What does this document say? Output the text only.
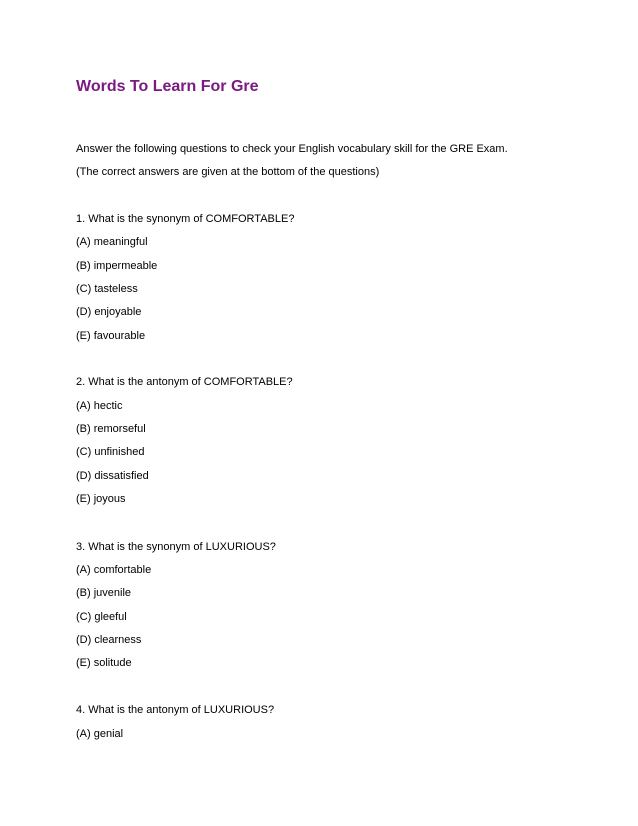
Words To Learn For Gre
Answer the following questions to check your English vocabulary skill for the GRE Exam.
(The correct answers are given at the bottom of the questions)
1. What is the synonym of COMFORTABLE?
(A) meaningful
(B) impermeable
(C) tasteless
(D) enjoyable
(E) favourable
2. What is the antonym of COMFORTABLE?
(A) hectic
(B) remorseful
(C) unfinished
(D) dissatisfied
(E) joyous
3. What is the synonym of LUXURIOUS?
(A) comfortable
(B) juvenile
(C) gleeful
(D) clearness
(E) solitude
4. What is the antonym of LUXURIOUS?
(A) genial
